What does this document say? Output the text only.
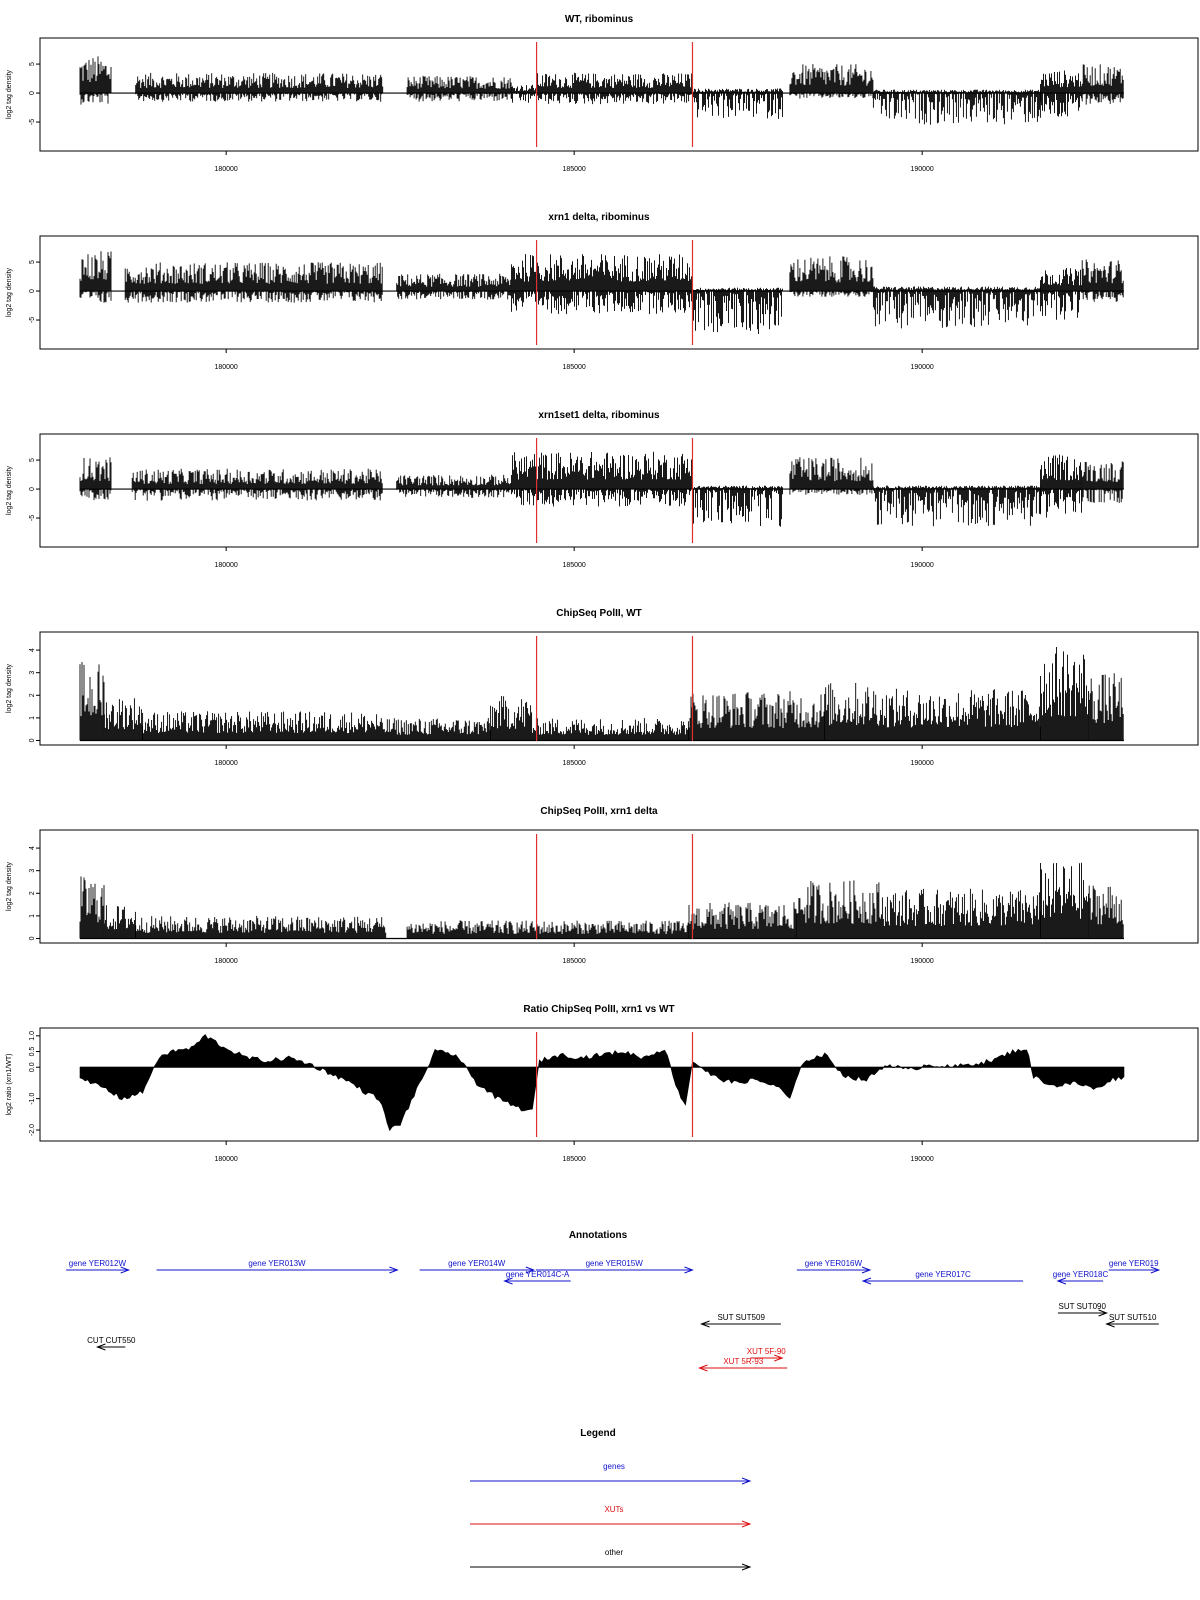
WT, ribominus
log2 tag density
-5
0
5
180000	185000	190000
xrn1 delta, ribominus
log2 tag density
-5
0
5
180000	185000	190000
xrn1set1 delta, ribominus
log2 tag density
-5
0
5
180000	185000	190000
ChipSeq PolII, WT
log2 tag density
0
1
2
3
4
180000	185000	190000
ChipSeq PolII, xrn1 delta
log2 tag density
0
1
2
3
4
180000	185000	190000
Ratio ChipSeq PolII, xrn1 vs WT
log2 ratio (xrn1/WT)
-2.0
-1.0
0.0
0.5
1.0
180000	185000	190000
Annotations
gene YER012W	gene YER013W	gene YER014W
gene YER014C-A
gene YER015W	gene YER016W
gene YER017C	gene YER018C
gene YER019
SUT SUT509
SUT SUT090
SUT SUT510
CUT CUT550
XUT 5F-90
XUT 5R-93
Legend
genes
XUTs
other
